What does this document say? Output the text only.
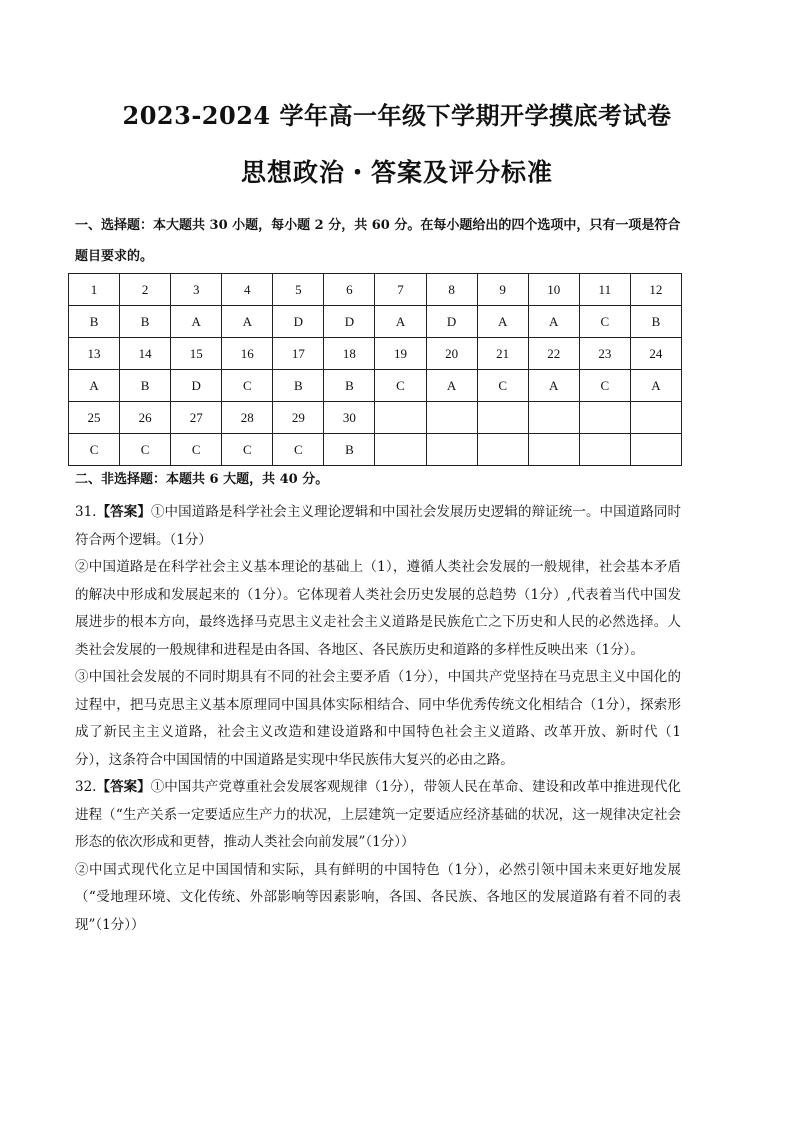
2023-2024 学年高一年级下学期开学摸底考试卷
思想政治・答案及评分标准

一、选择题：本大题共 30 小题，每小题 2 分，共 60 分。在每小题给出的四个选项中，只有一项是符合题目要求的。

1	2	3	4	5	6	7	8	9	10	11	12
B	B	A	A	D	D	A	D	A	A	C	B
13	14	15	16	17	18	19	20	21	22	23	24
A	B	D	C	B	B	C	A	C	A	C	A
25	26	27	28	29	30						
C	C	C	C	C	B						

二、非选择题：本题共 6 大题，共 40 分。

31.【答案】①中国道路是科学社会主义理论逻辑和中国社会发展历史逻辑的辩证统一。中国道路同时符合两个逻辑。（1分）

②中国道路是在科学社会主义基本理论的基础上（1），遵循人类社会发展的一般规律，社会基本矛盾的解决中形成和发展起来的（1分）。它体现着人类社会历史发展的总趋势（1分）,代表着当代中国发展进步的根本方向，最终选择马克思主义走社会主义道路是民族危亡之下历史和人民的必然选择。人类社会发展的一般规律和进程是由各国、各地区、各民族历史和道路的多样性反映出来（1分）。

③中国社会发展的不同时期具有不同的社会主要矛盾（1分），中国共产党坚持在马克思主义中国化的过程中，把马克思主义基本原理同中国具体实际相结合、同中华优秀传统文化相结合（1分），探索形成了新民主主义道路，社会主义改造和建设道路和中国特色社会主义道路、改革开放、新时代（1分），这条符合中国国情的中国道路是实现中华民族伟大复兴的必由之路。

32.【答案】①中国共产党尊重社会发展客观规律（1分），带领人民在革命、建设和改革中推进现代化进程（“生产关系一定要适应生产力的状况，上层建筑一定要适应经济基础的状况，这一规律决定社会形态的依次形成和更替，推动人类社会向前发展”（1分））

②中国式现代化立足中国国情和实际，具有鲜明的中国特色（1分），必然引领中国未来更好地发展（“受地理环境、文化传统、外部影响等因素影响，各国、各民族、各地区的发展道路有着不同的表现”（1分））
